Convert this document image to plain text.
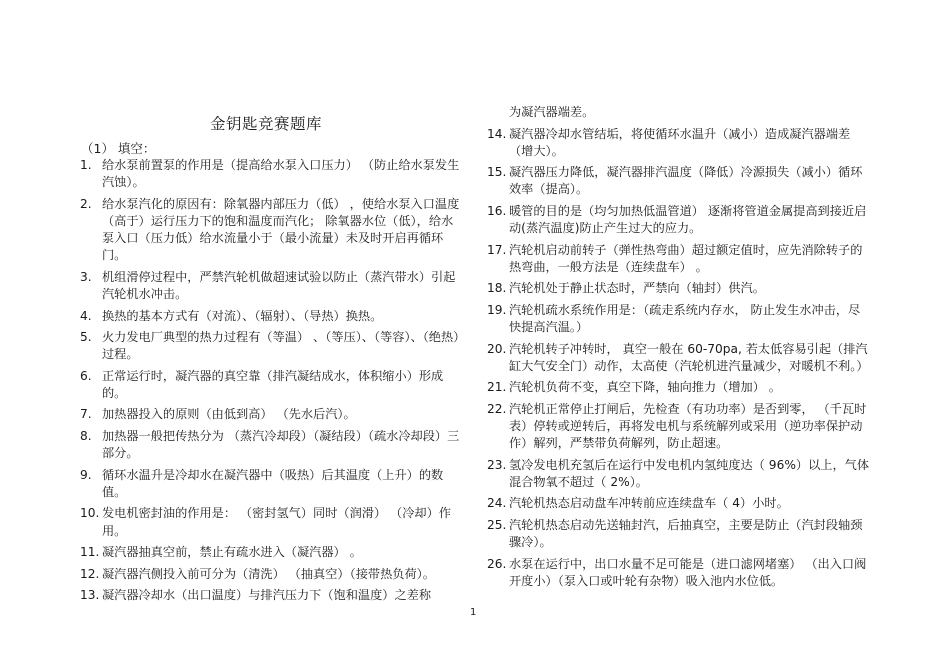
金钥匙竞赛题库
（1） 填空：
1. 给水泵前置泵的作用是（提高给水泵入口压力） （防止给水泵发生汽蚀）。
2. 给水泵汽化的原因有：除氧器内部压力（低） ，使给水泵入口温度（高于）运行压力下的饱和温度而汽化； 除氧器水位（低），给水泵入口（压力低）给水流量小于（最小流量）未及时开启再循环门。
3. 机组滑停过程中，严禁汽轮机做超速试验以防止（蒸汽带水）引起汽轮机水冲击。
4. 换热的基本方式有（对流）、（辐射）、（导热）换热。
5. 火力发电厂典型的热力过程有（等温） 、（等压）、（等容）、（绝热）过程。
6. 正常运行时，凝汽器的真空靠（排汽凝结成水，体积缩小）形成的。
7. 加热器投入的原则（由低到高） （先水后汽）。
8. 加热器一般把传热分为 （蒸汽冷却段）（凝结段）（疏水冷却段）三部分。
9. 循环水温升是冷却水在凝汽器中（吸热）后其温度（上升）的数值。
10. 发电机密封油的作用是： （密封氢气）同时（润滑） （冷却）作用。
11. 凝汽器抽真空前，禁止有疏水进入（凝汽器） 。
12. 凝汽器汽侧投入前可分为（清洗） （抽真空）（接带热负荷）。
13. 凝汽器冷却水（出口温度）与排汽压力下（饱和温度）之差称
为凝汽器端差。
14. 凝汽器冷却水管结垢，将使循环水温升（减小）造成凝汽器端差（增大）。
15. 凝汽器压力降低，凝汽器排汽温度（降低）冷源损失（减小）循环效率（提高）。
16. 暖管的目的是（均匀加热低温管道） 逐渐将管道金属提高到接近启动(蒸汽温度)防止产生过大的应力。
17. 汽轮机启动前转子（弹性热弯曲）超过额定值时，应先消除转子的热弯曲，一般方法是（连续盘车） 。
18. 汽轮机处于静止状态时，严禁向（轴封）供汽。
19. 汽轮机疏水系统作用是：（疏走系统内存水， 防止发生水冲击，尽快提高汽温。）
20. 汽轮机转子冲转时， 真空一般在 60-70pa, 若太低容易引起（排汽缸大气安全门）动作，太高使（汽轮机进汽量减少，对暖机不利。）
21. 汽轮机负荷不变，真空下降，轴向推力（增加） 。
22. 汽轮机正常停止打闸后，先检查（有功功率）是否到零， （千瓦时表）停转或逆转后，再将发电机与系统解列或采用（逆功率保护动作）解列，严禁带负荷解列，防止超速。
23. 氢冷发电机充氢后在运行中发电机内氢纯度达（ 96%）以上，气体混合物氧不超过（ 2%）。
24. 汽轮机热态启动盘车冲转前应连续盘车（ 4）小时。
25. 汽轮机热态启动先送轴封汽，后抽真空，主要是防止（汽封段轴颈骤冷）。
26. 水泵在运行中，出口水量不足可能是（进口滤网堵塞） （出入口阀开度小）（泵入口或叶轮有杂物）吸入池内水位低。
1
